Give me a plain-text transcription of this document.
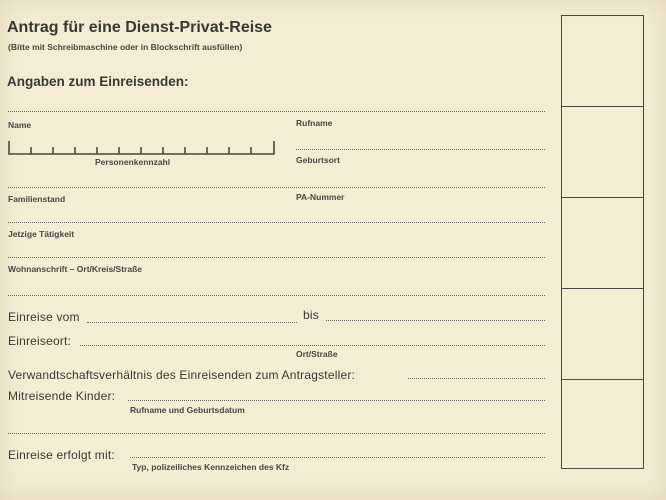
Antrag für eine Dienst-Privat-Reise
(Bitte mit Schreibmaschine oder in Blockschrift ausfüllen)
Angaben zum Einreisenden:
Name	Rufname
Personenkennzahl	Geburtsort
Familienstand	PA-Nummer
Jetzige Tätigkeit
Wohnanschrift – Ort/Kreis/Straße
Einreise vom	bis
Einreiseort:
Ort/Straße
Verwandtschaftsverhältnis des Einreisenden zum Antragsteller:
Mitreisende Kinder:
Rufname und Geburtsdatum
Einreise erfolgt mit:
Typ, polizeiliches Kennzeichen des Kfz
